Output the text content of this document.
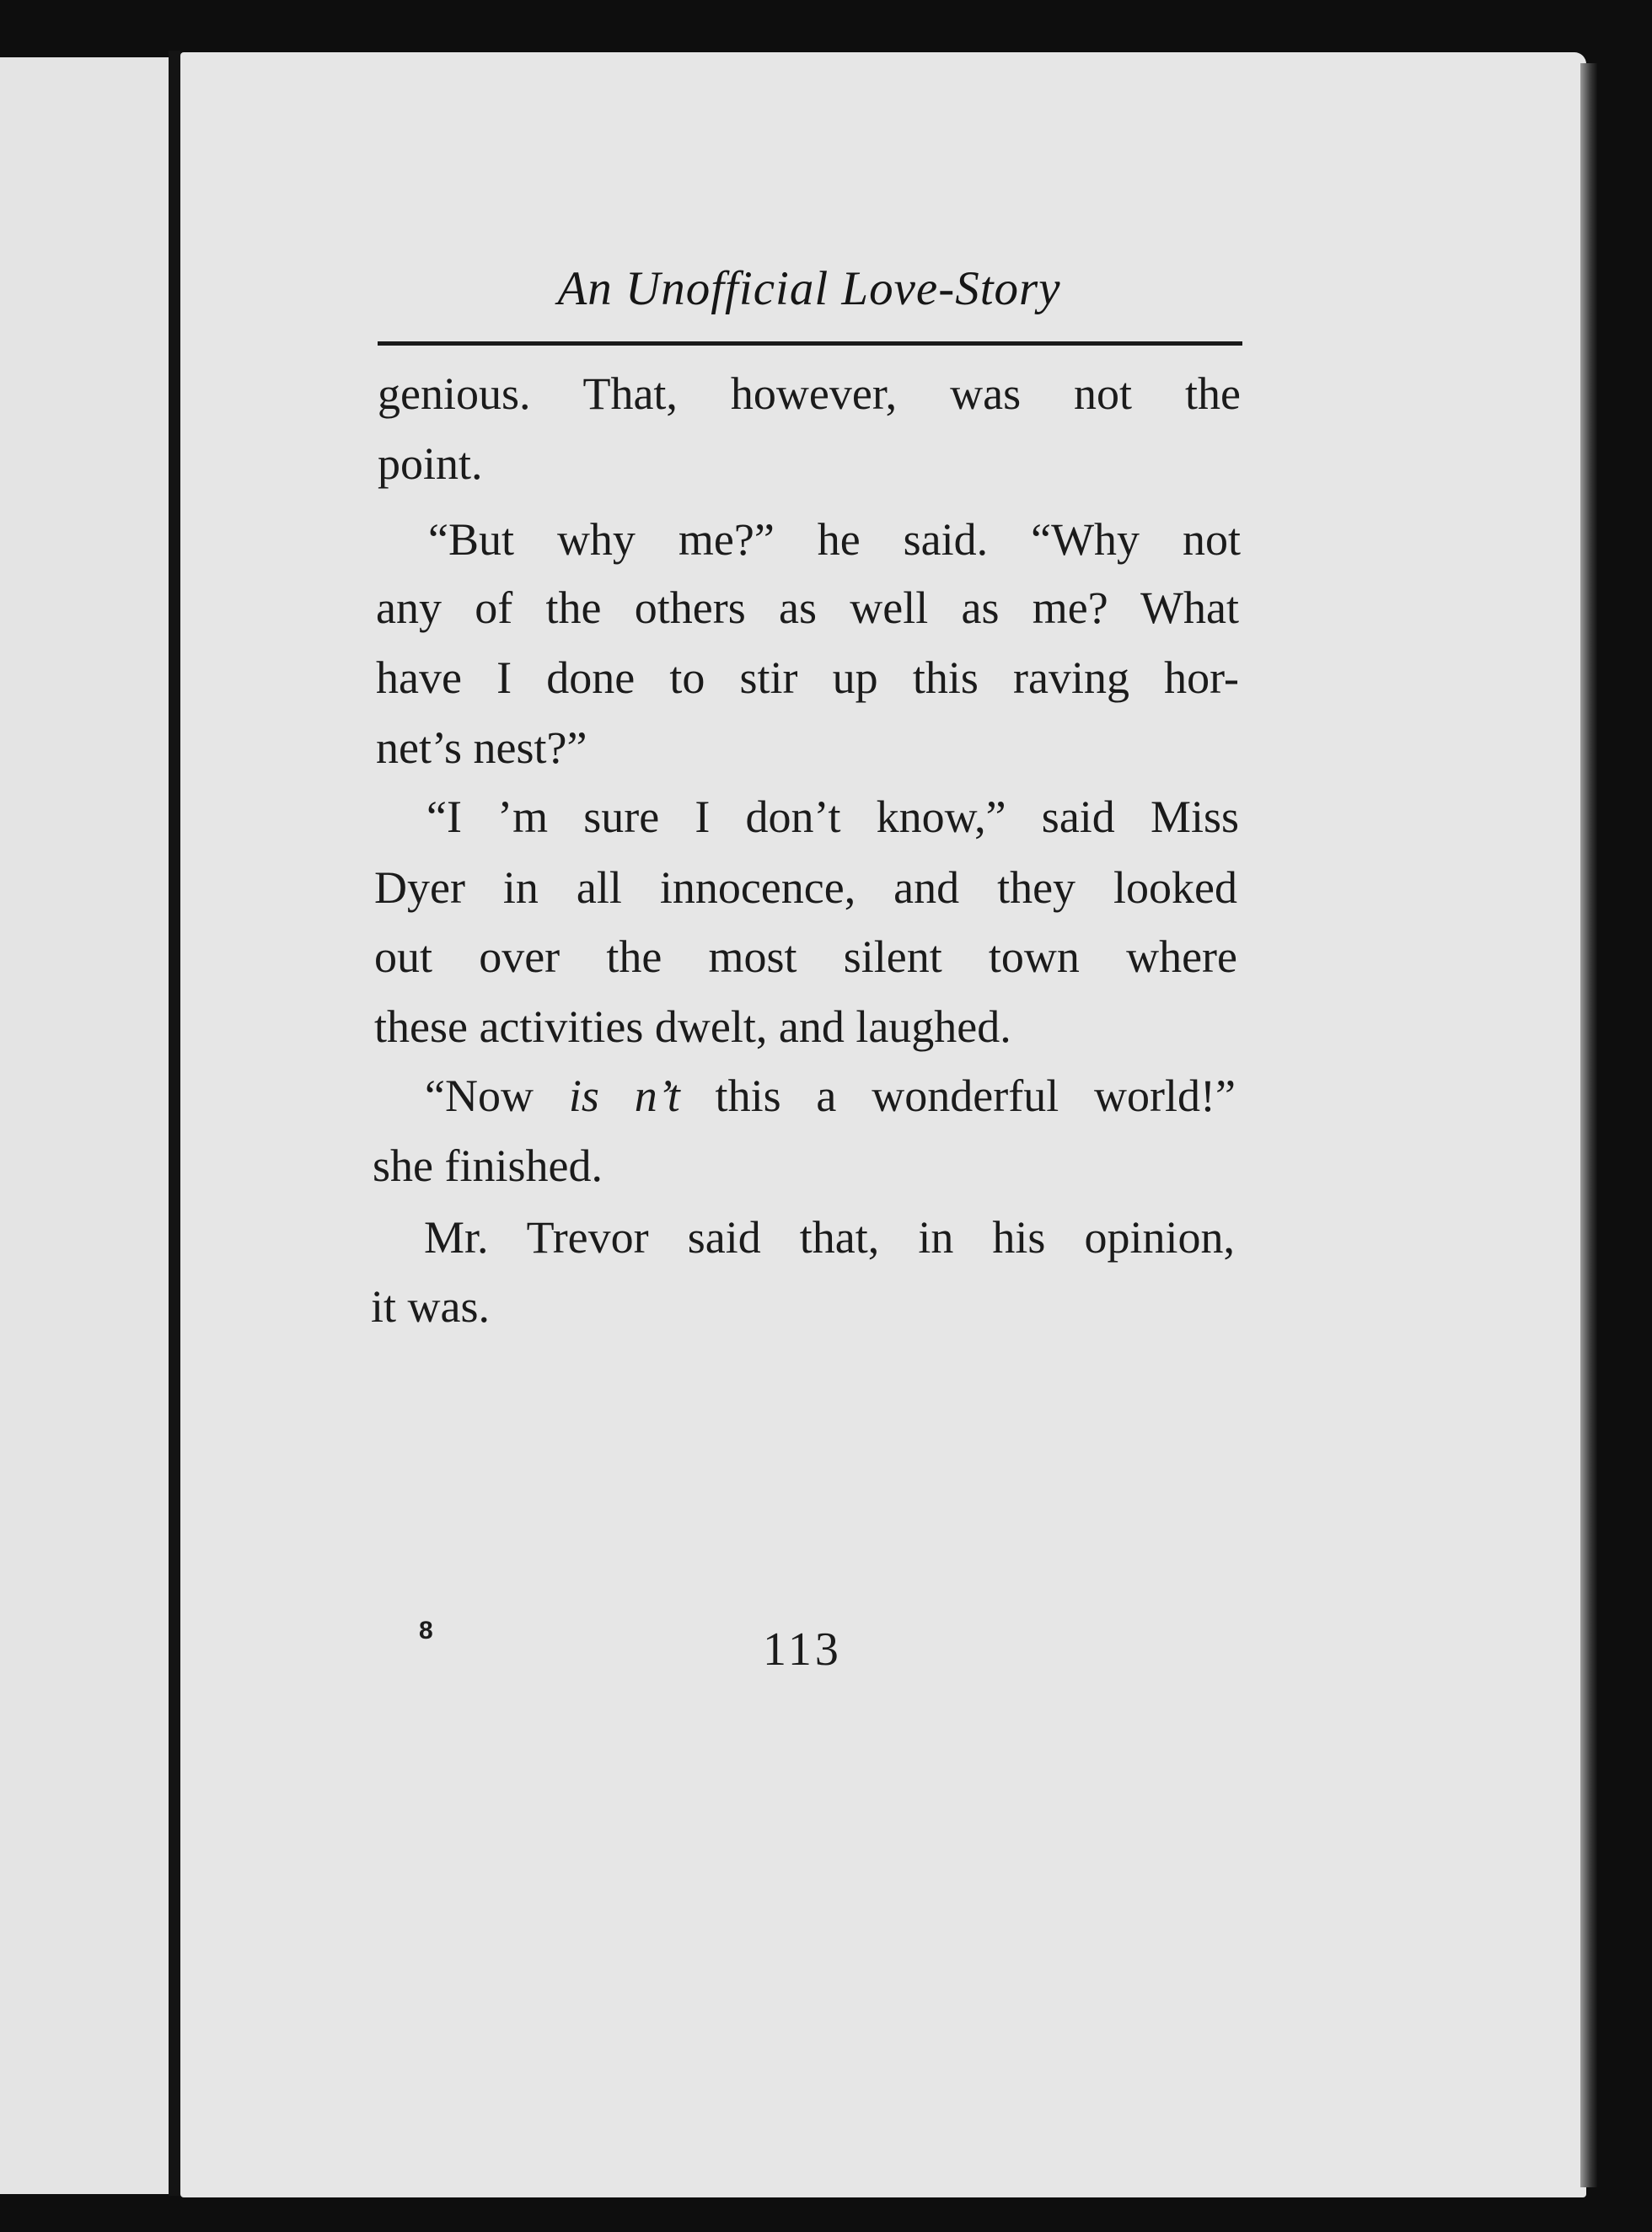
An Unofficial Love-Story
genious. That, however, was not the
point.
“But why me?” he said. “Why not
any of the others as well as me? What
have I done to stir up this raving hor-
net’s nest?”
“I ’m sure I don’t know,” said Miss
Dyer in all innocence, and they looked
out over the most silent town where
these activities dwelt, and laughed.
“Now is n’t this a wonderful world!”
she finished.
Mr. Trevor said that, in his opinion,
it was.
8	113
